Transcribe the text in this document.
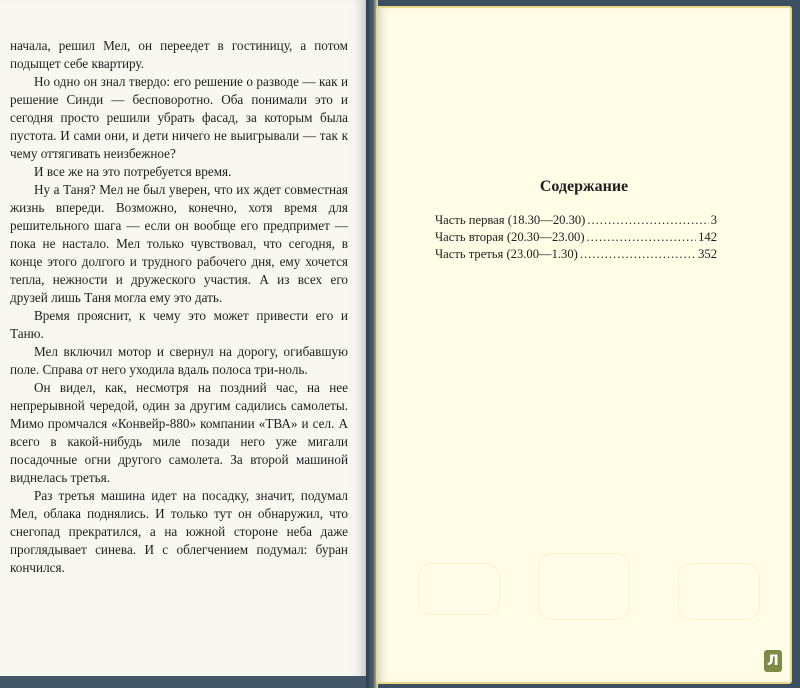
начала, решил Мел, он переедет в гостиницу, а потом подыщет себе квартиру.

Но одно он знал твердо: его решение о разводе — как и решение Синди — бесповоротно. Оба понимали это и сегодня просто решили убрать фасад, за которым была пустота. И сами они, и дети ничего не выигрывали — так к чему оттягивать неизбежное?

И все же на это потребуется время.

Ну а Таня? Мел не был уверен, что их ждет совместная жизнь впереди. Возможно, конечно, хотя время для решительного шага — если он вообще его предпримет — пока не настало. Мел только чувствовал, что сегодня, в конце этого долгого и трудного рабочего дня, ему хочется тепла, нежности и дружеского участия. А из всех его друзей лишь Таня могла ему это дать.

Время прояснит, к чему это может привести его и Таню.

Мел включил мотор и свернул на дорогу, огибавшую поле. Справа от него уходила вдаль полоса три-ноль.

Он видел, как, несмотря на поздний час, на нее непрерывной чередой, один за другим садились самолеты. Мимо промчался «Конвейр-880» компании «ТВА» и сел. А всего в какой-нибудь миле позади него уже мигали посадочные огни другого самолета. За второй машиной виднелась третья.

Раз третья машина идет на посадку, значит, подумал Мел, облака поднялись. И только тут он обнаружил, что снегопад прекратился, а на южной стороне неба даже проглядывает синева. И с облегчением подумал: буран кончился.

Содержание
Часть первая (18.30—20.30) .....	3
Часть вторая (20.30—23.00) .....	142
Часть третья (23.00—1.30) .....	352
Л
